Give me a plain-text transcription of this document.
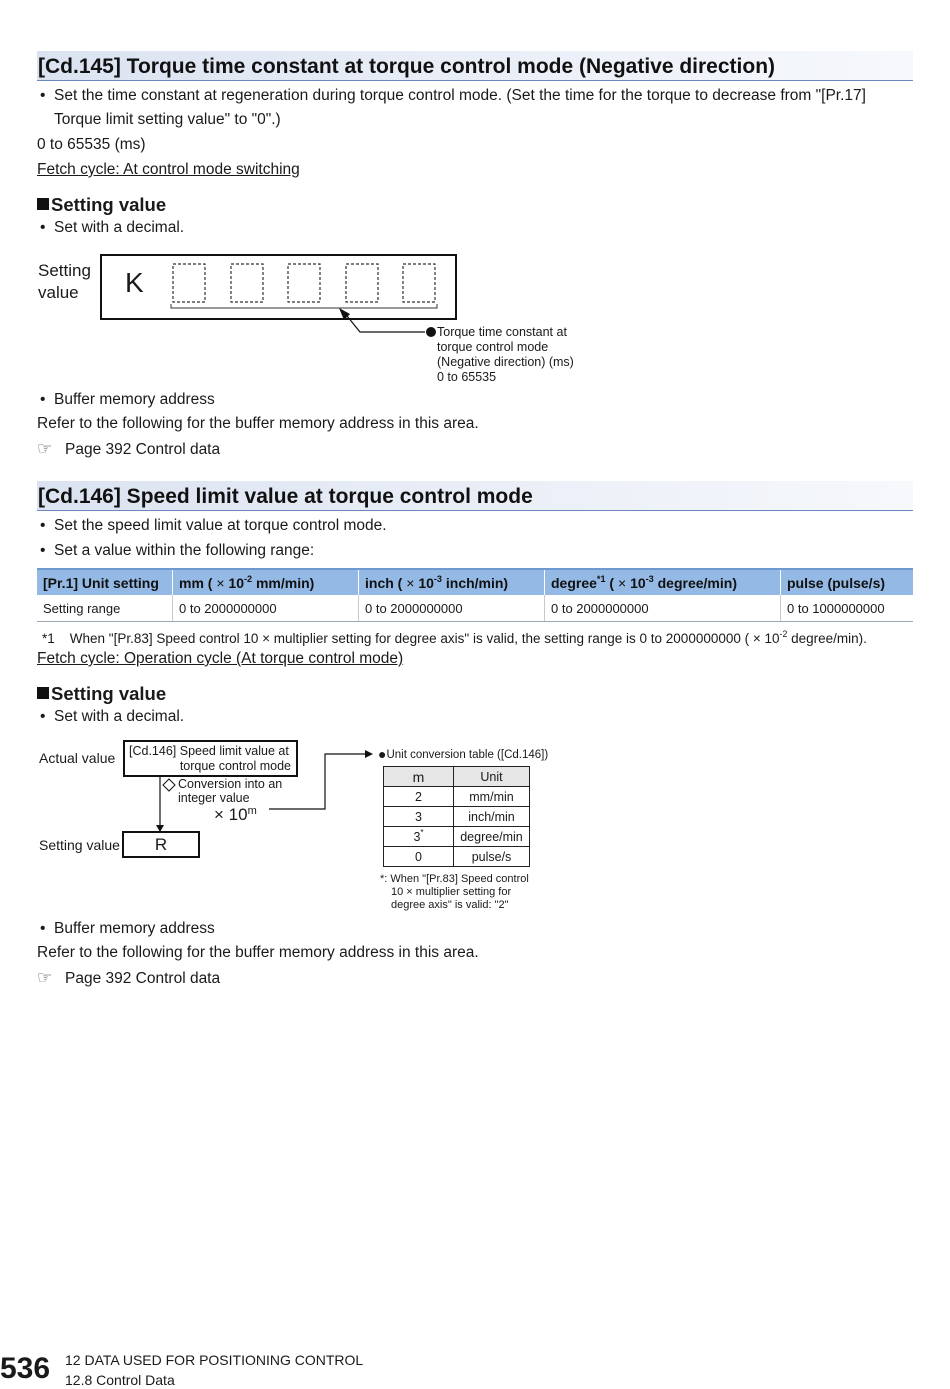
[Cd.145] Torque time constant at torque control mode (Negative direction)
• Set the time constant at regeneration during torque control mode. (Set the time for the torque to decrease from "[Pr.17]
Torque limit setting value" to "0".)
0 to 65535 (ms)
Fetch cycle: At control mode switching
Setting value
• Set with a decimal.
Setting
value	K
Torque time constant at
torque control mode
(Negative direction) (ms)
0 to 65535
• Buffer memory address
Refer to the following for the buffer memory address in this area.
☞ Page 392 Control data
[Cd.146] Speed limit value at torque control mode
• Set the speed limit value at torque control mode.
• Set a value within the following range:
[Pr.1] Unit setting	mm ( × $10^{-2}$ mm/min)	inch ( × $10^{-3}$ inch/min)	degree$^{*1}$ ( × $10^{-3}$ degree/min)	pulse (pulse/s)
Setting range	0 to 2000000000	0 to 2000000000	0 to 2000000000	0 to 1000000000
*1    When "[Pr.83] Speed control 10 × multiplier setting for degree axis" is valid, the setting range is 0 to 2000000000 ( × $10^{-2}$ degree/min).
Fetch cycle: Operation cycle (At torque control mode)
Setting value
• Set with a decimal.
Actual value [Cd.146] Speed limit value at
torque control mode
Conversion into an
integer value
× $10^m$
Setting value	R
●Unit conversion table ([Cd.146])
m	Unit
2	mm/min
3	inch/min
3*	degree/min
0	pulse/s
*: When "[Pr.83] Speed control
10 × multiplier setting for
degree axis" is valid: "2"
• Buffer memory address
Refer to the following for the buffer memory address in this area.
☞ Page 392 Control data
536 12 DATA USED FOR POSITIONING CONTROL
12.8 Control Data
